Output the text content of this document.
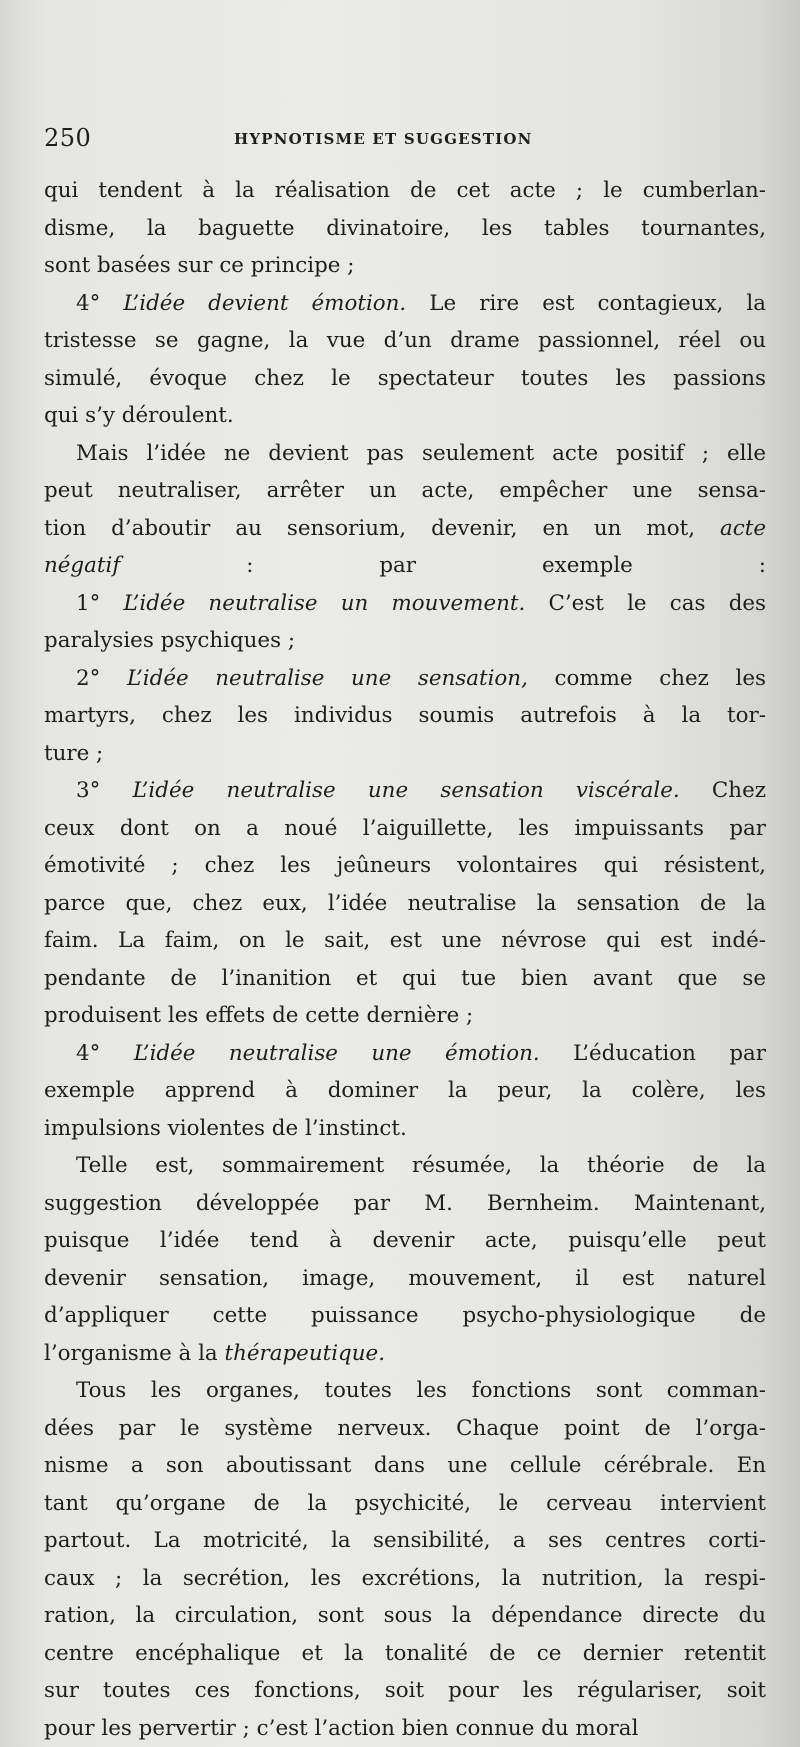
250	HYPNOTISME ET SUGGESTION
qui tendent à la réalisation de cet acte ; le cumberlan-
disme, la baguette divinatoire, les tables tournantes,
sont basées sur ce principe ;
4° L’idée devient émotion. Le rire est contagieux, la
tristesse se gagne, la vue d’un drame passionnel, réel ou
simulé, évoque chez le spectateur toutes les passions
qui s’y déroulent.
Mais l’idée ne devient pas seulement acte positif ; elle
peut neutraliser, arrêter un acte, empêcher une sensa-
tion d’aboutir au sensorium, devenir, en un mot, acte
négatif : par exemple :
1° L’idée neutralise un mouvement. C’est le cas des
paralysies psychiques ;
2° L’idée neutralise une sensation, comme chez les
martyrs, chez les individus soumis autrefois à la tor-
ture ;
3° L’idée neutralise une sensation viscérale. Chez
ceux dont on a noué l’aiguillette, les impuissants par
émotivité ; chez les jeûneurs volontaires qui résistent,
parce que, chez eux, l’idée neutralise la sensation de la
faim. La faim, on le sait, est une névrose qui est indé-
pendante de l’inanition et qui tue bien avant que se
produisent les effets de cette dernière ;
4° L’idée neutralise une émotion. L’éducation par
exemple apprend à dominer la peur, la colère, les
impulsions violentes de l’instinct.
Telle est, sommairement résumée, la théorie de la
suggestion développée par M. Bernheim. Maintenant,
puisque l’idée tend à devenir acte, puisqu’elle peut
devenir sensation, image, mouvement, il est naturel
d’appliquer cette puissance psycho-physiologique de
l’organisme à la thérapeutique.
Tous les organes, toutes les fonctions sont comman-
dées par le système nerveux. Chaque point de l’orga-
nisme a son aboutissant dans une cellule cérébrale. En
tant qu’organe de la psychicité, le cerveau intervient
partout. La motricité, la sensibilité, a ses centres corti-
caux ; la secrétion, les excrétions, la nutrition, la respi-
ration, la circulation, sont sous la dépendance directe du
centre encéphalique et la tonalité de ce dernier retentit
sur toutes ces fonctions, soit pour les régulariser, soit
pour les pervertir ; c’est l’action bien connue du moral
